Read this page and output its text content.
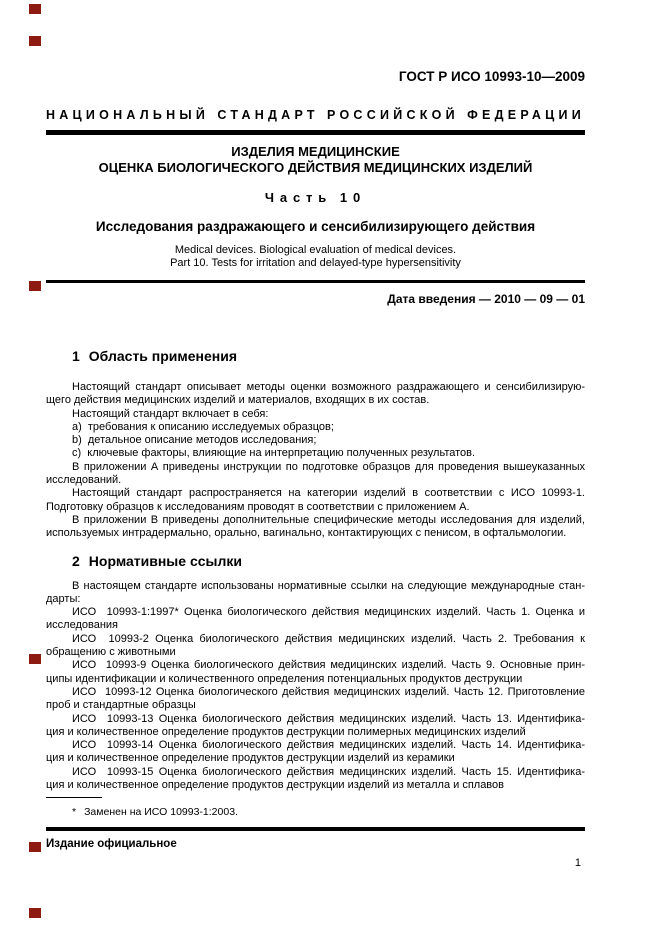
ГОСТ Р ИСО 10993-10—2009
НАЦИОНАЛЬНЫЙ СТАНДАРТ РОССИЙСКОЙ ФЕДЕРАЦИИ
ИЗДЕЛИЯ МЕДИЦИНСКИЕ
ОЦЕНКА БИОЛОГИЧЕСКОГО ДЕЙСТВИЯ МЕДИЦИНСКИХ ИЗДЕЛИЙ
Часть 10
Исследования раздражающего и сенсибилизирующего действия
Medical devices. Biological evaluation of medical devices.
Part 10. Tests for irritation and delayed-type hypersensitivity
Дата введения — 2010 — 09 — 01
1 Область применения
Настоящий стандарт описывает методы оценки возможного раздражающего и сенсибилизирую-
щего действия медицинских изделий и материалов, входящих в их состав.
Настоящий стандарт включает в себя:
a)  требования к описанию исследуемых образцов;
b)  детальное описание методов исследования;
c)  ключевые факторы, влияющие на интерпретацию полученных результатов.
В приложении А приведены инструкции по подготовке образцов для проведения вышеуказанных
исследований.
Настоящий стандарт распространяется на категории изделий в соответствии с ИСО 10993-1.
Подготовку образцов к исследованиям проводят в соответствии с приложением А.
В приложении В приведены дополнительные специфические методы исследования для изделий,
используемых интрадермально, орально, вагинально, контактирующих с пенисом, в офтальмологии.
2 Нормативные ссылки
В настоящем стандарте использованы нормативные ссылки на следующие международные стан-
дарты:
ИСО  10993-1:1997* Оценка биологического действия медицинских изделий. Часть 1. Оценка и
исследования
ИСО  10993-2 Оценка биологического действия медицинских изделий. Часть 2. Требования к
обращению с животными
ИСО  10993-9 Оценка биологического действия медицинских изделий. Часть 9. Основные прин-
ципы идентификации и количественного определения потенциальных продуктов деструкции
ИСО  10993-12 Оценка биологического действия медицинских изделий. Часть 12. Приготовление
проб и стандартные образцы
ИСО  10993-13 Оценка биологического действия медицинских изделий. Часть 13. Идентифика-
ция и количественное определение продуктов деструкции полимерных медицинских изделий
ИСО  10993-14 Оценка биологического действия медицинских изделий. Часть 14. Идентифика-
ция и количественное определение продуктов деструкции изделий из керамики
ИСО  10993-15 Оценка биологического действия медицинских изделий. Часть 15. Идентифика-
ция и количественное определение продуктов деструкции изделий из металла и сплавов
* Заменен на ИСО 10993-1:2003.
Издание официальное
1
